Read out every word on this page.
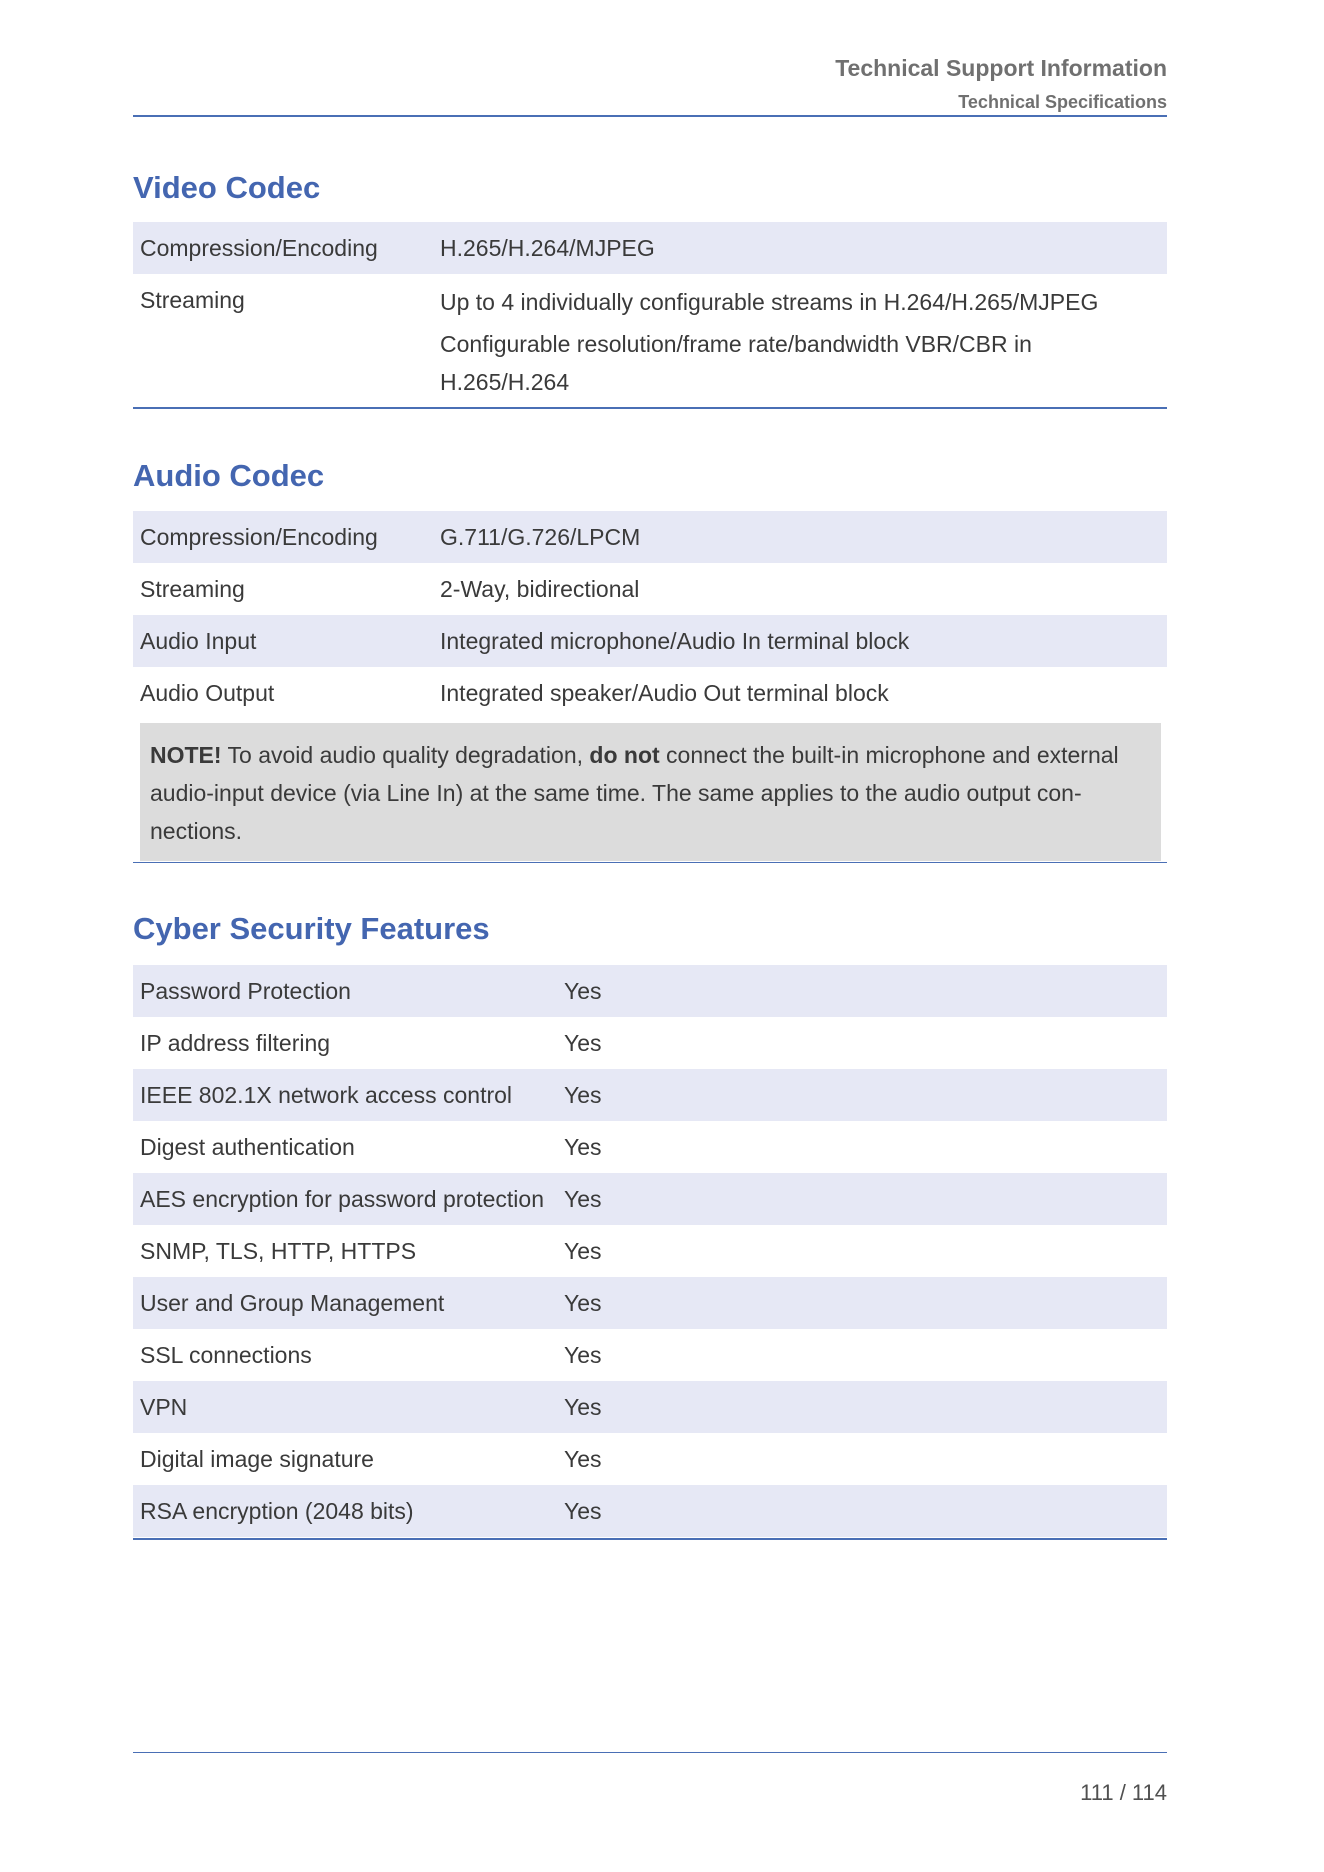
Technical Support Information
Technical Specifications
Video Codec
Compression/Encoding	H.265/H.264/MJPEG
Streaming	Up to 4 individually configurable streams in H.264/H.265/MJPEG
Configurable resolution/frame rate/bandwidth VBR/CBR in
H.265/H.264
Audio Codec
Compression/Encoding	G.711/G.726/LPCM
Streaming	2-Way, bidirectional
Audio Input	Integrated microphone/Audio In terminal block
Audio Output	Integrated speaker/Audio Out terminal block
NOTE! To avoid audio quality degradation, do not connect the built-in microphone and external audio-input device (via Line In) at the same time. The same applies to the audio output con-nections.
Cyber Security Features
Password Protection	Yes
IP address filtering	Yes
IEEE 802.1X network access control	Yes
Digest authentication	Yes
AES encryption for password protection	Yes
SNMP, TLS, HTTP, HTTPS	Yes
User and Group Management	Yes
SSL connections	Yes
VPN	Yes
Digital image signature	Yes
RSA encryption (2048 bits)	Yes
111 / 114
